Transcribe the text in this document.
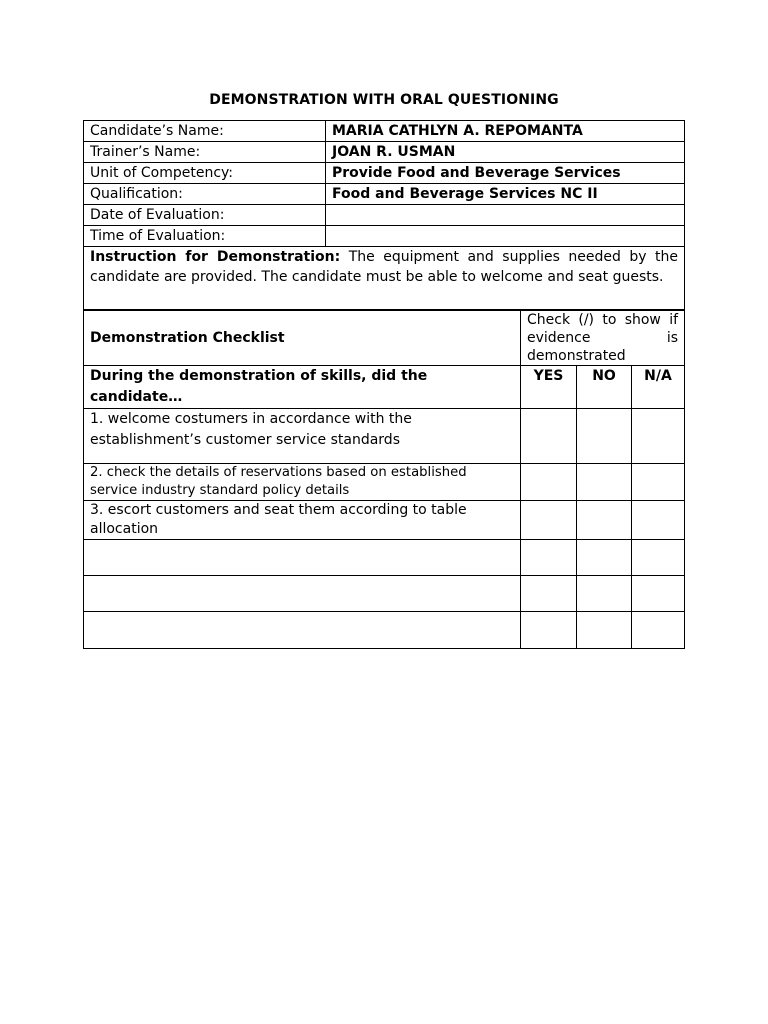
DEMONSTRATION WITH ORAL QUESTIONING
Candidate’s Name:	MARIA CATHLYN A. REPOMANTA
Trainer’s Name:	JOAN R. USMAN
Unit of Competency:	Provide Food and Beverage Services
Qualification:	Food and Beverage Services NC II
Date of Evaluation:	
Time of Evaluation:	
Instruction for Demonstration: The equipment and supplies needed by the candidate are provided. The candidate must be able to welcome and seat guests.	
Demonstration Checklist	Check (/) to show if
evidence is
demonstrated		

During the demonstration of skills, did the candidate…	YES	NO	N/A
1. welcome costumers in accordance with the establishment’s customer service standards			
2. check the details of reservations based on established service industry standard policy details			
3. escort customers and seat them according to table allocation			
